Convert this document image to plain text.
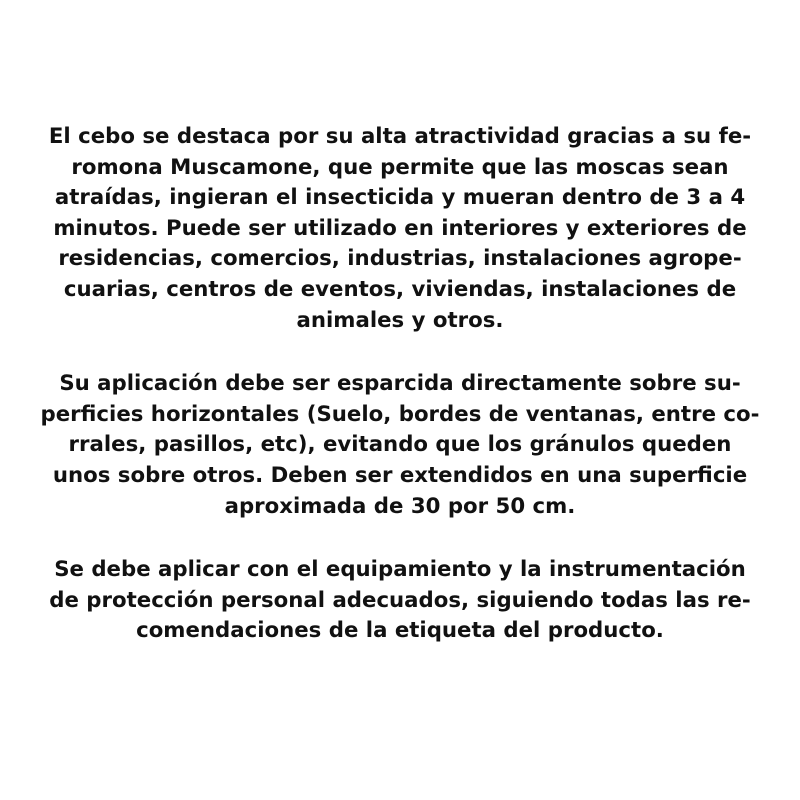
El cebo se destaca por su alta atractividad gracias a su fe-
romona Muscamone, que permite que las moscas sean
atraídas, ingieran el insecticida y mueran dentro de 3 a 4
minutos. Puede ser utilizado en interiores y exteriores de
residencias, comercios, industrias, instalaciones agrope-
cuarias, centros de eventos, viviendas, instalaciones de
animales y otros.

Su aplicación debe ser esparcida directamente sobre su-
perficies horizontales (Suelo, bordes de ventanas, entre co-
rrales, pasillos, etc), evitando que los gránulos queden
unos sobre otros. Deben ser extendidos en una superficie
aproximada de 30 por 50 cm.

Se debe aplicar con el equipamiento y la instrumentación
de protección personal adecuados, siguiendo todas las re-
comendaciones de la etiqueta del producto.
